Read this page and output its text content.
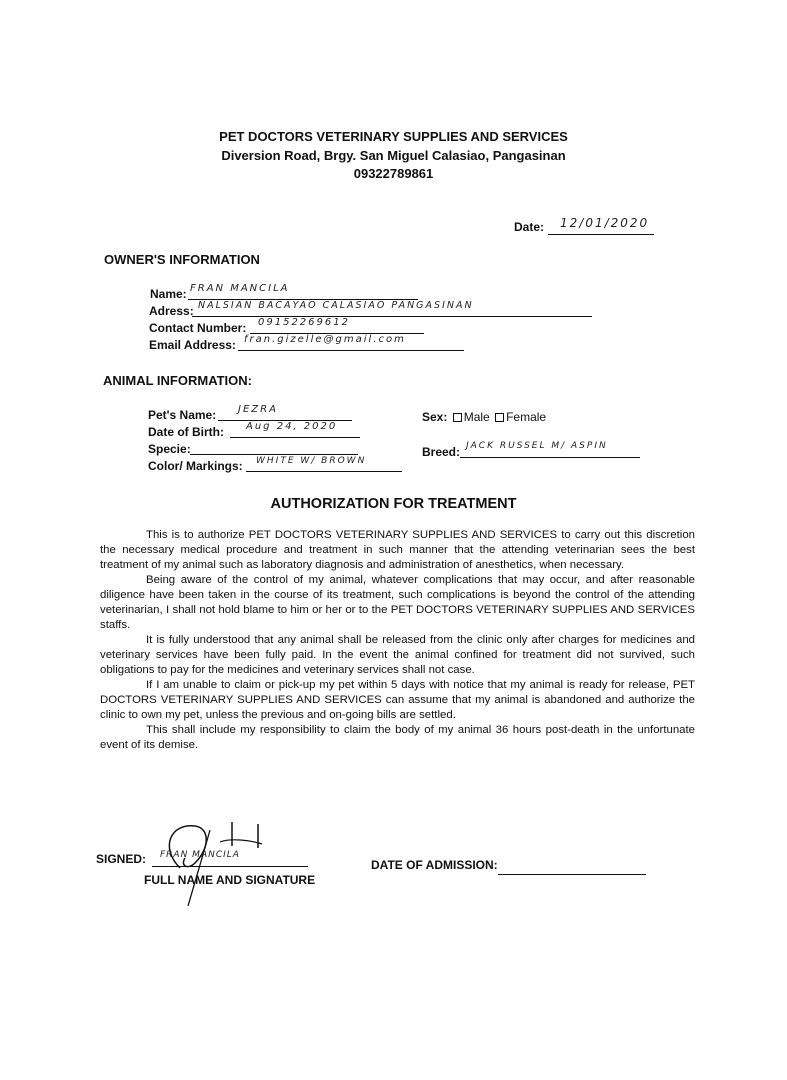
PET DOCTORS VETERINARY SUPPLIES AND SERVICES
Diversion Road, Brgy. San Miguel Calasiao, Pangasinan
09322789861
Date: 12/01/2020
OWNER'S INFORMATION
Name: FRAN MANCILA
Adress: NALSIAN BACAYAO CALASIAO PANGASINAN
Contact Number: 09152269612
Email Address: fran.gizelle@gmail.com
ANIMAL INFORMATION:
Pet's Name: JEZRA
Date of Birth: Aug 24, 2020
Specie:
Color/ Markings: WHITE W/ BROWN
Sex: Male Female
Breed: JACK RUSSEL M/ ASPIN
AUTHORIZATION FOR TREATMENT

This is to authorize PET DOCTORS VETERINARY SUPPLIES AND SERVICES to carry out this discretion the necessary medical procedure and treatment in such manner that the attending veterinarian sees the best treatment of my animal such as laboratory diagnosis and administration of anesthetics, when necessary.

Being aware of the control of my animal, whatever complications that may occur, and after reasonable diligence have been taken in the course of its treatment, such complications is beyond the control of the attending veterinarian, I shall not hold blame to him or her or to the PET DOCTORS VETERINARY SUPPLIES AND SERVICES staffs.

It is fully understood that any animal shall be released from the clinic only after charges for medicines and veterinary services have been fully paid. In the event the animal confined for treatment did not survived, such obligations to pay for the medicines and veterinary services shall not case.

If I am unable to claim or pick-up my pet within 5 days with notice that my animal is ready for release, PET DOCTORS VETERINARY SUPPLIES AND SERVICES can assume that my animal is abandoned and authorize the clinic to own my pet, unless the previous and on-going bills are settled.

This shall include my responsibility to claim the body of my animal 36 hours post-death in the unfortunate event of its demise.

SIGNED: FRAN MANCILA
FULL NAME AND SIGNATURE
DATE OF ADMISSION:
